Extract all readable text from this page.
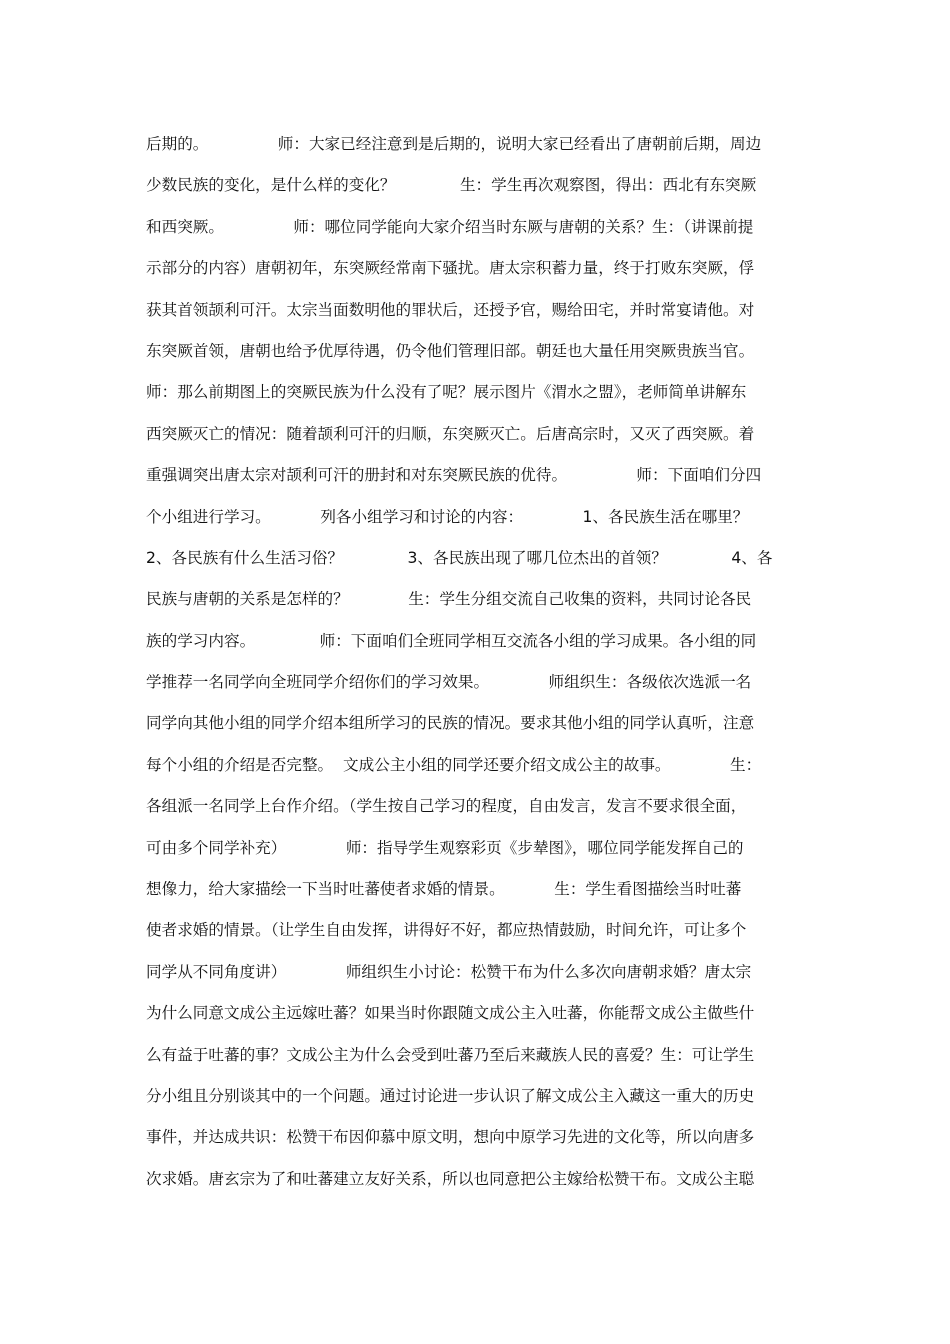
后期的。              师：大家已经注意到是后期的，说明大家已经看出了唐朝前后期，周边
少数民族的变化，是什么样的变化？             生：学生再次观察图，得出：西北有东突厥
和西突厥。              师：哪位同学能向大家介绍当时东厥与唐朝的关系？生：（讲课前提
示部分的内容）唐朝初年，东突厥经常南下骚扰。唐太宗积蓄力量，终于打败东突厥，俘
获其首领颉利可汗。太宗当面数明他的罪状后，还授予官，赐给田宅，并时常宴请他。对
东突厥首领，唐朝也给予优厚待遇，仍令他们管理旧部。朝廷也大量任用突厥贵族当官。
师：那么前期图上的突厥民族为什么没有了呢？展示图片《渭水之盟》，老师简单讲解东
西突厥灭亡的情况：随着颉利可汗的归顺，东突厥灭亡。后唐高宗时，又灭了西突厥。着
重强调突出唐太宗对颉利可汗的册封和对东突厥民族的优待。              师：下面咱们分四
个小组进行学习。          列各小组学习和讨论的内容：            1、各民族生活在哪里？
2、各民族有什么生活习俗？             3、各民族出现了哪几位杰出的首领？             4、各
民族与唐朝的关系是怎样的？            生：学生分组交流自己收集的资料，共同讨论各民
族的学习内容。             师：下面咱们全班同学相互交流各小组的学习成果。各小组的同
学推荐一名同学向全班同学介绍你们的学习效果。            师组织生：各级依次选派一名
同学向其他小组的同学介绍本组所学习的民族的情况。要求其他小组的同学认真听，注意
每个小组的介绍是否完整。  文成公主小组的同学还要介绍文成公主的故事。            生：
各组派一名同学上台作介绍。（学生按自己学习的程度，自由发言，发言不要求很全面，
可由多个同学补充）            师：指导学生观察彩页《步辇图》，哪位同学能发挥自己的
想像力，给大家描绘一下当时吐蕃使者求婚的情景。          生：学生看图描绘当时吐蕃
使者求婚的情景。（让学生自由发挥，讲得好不好，都应热情鼓励，时间允许，可让多个
同学从不同角度讲）            师组织生小讨论：松赞干布为什么多次向唐朝求婚？唐太宗
为什么同意文成公主远嫁吐蕃？如果当时你跟随文成公主入吐蕃，你能帮文成公主做些什
么有益于吐蕃的事？文成公主为什么会受到吐蕃乃至后来藏族人民的喜爱？生：可让学生
分小组且分别谈其中的一个问题。通过讨论进一步认识了解文成公主入藏这一重大的历史
事件，并达成共识：松赞干布因仰慕中原文明，想向中原学习先进的文化等，所以向唐多
次求婚。唐玄宗为了和吐蕃建立友好关系，所以也同意把公主嫁给松赞干布。文成公主聪
